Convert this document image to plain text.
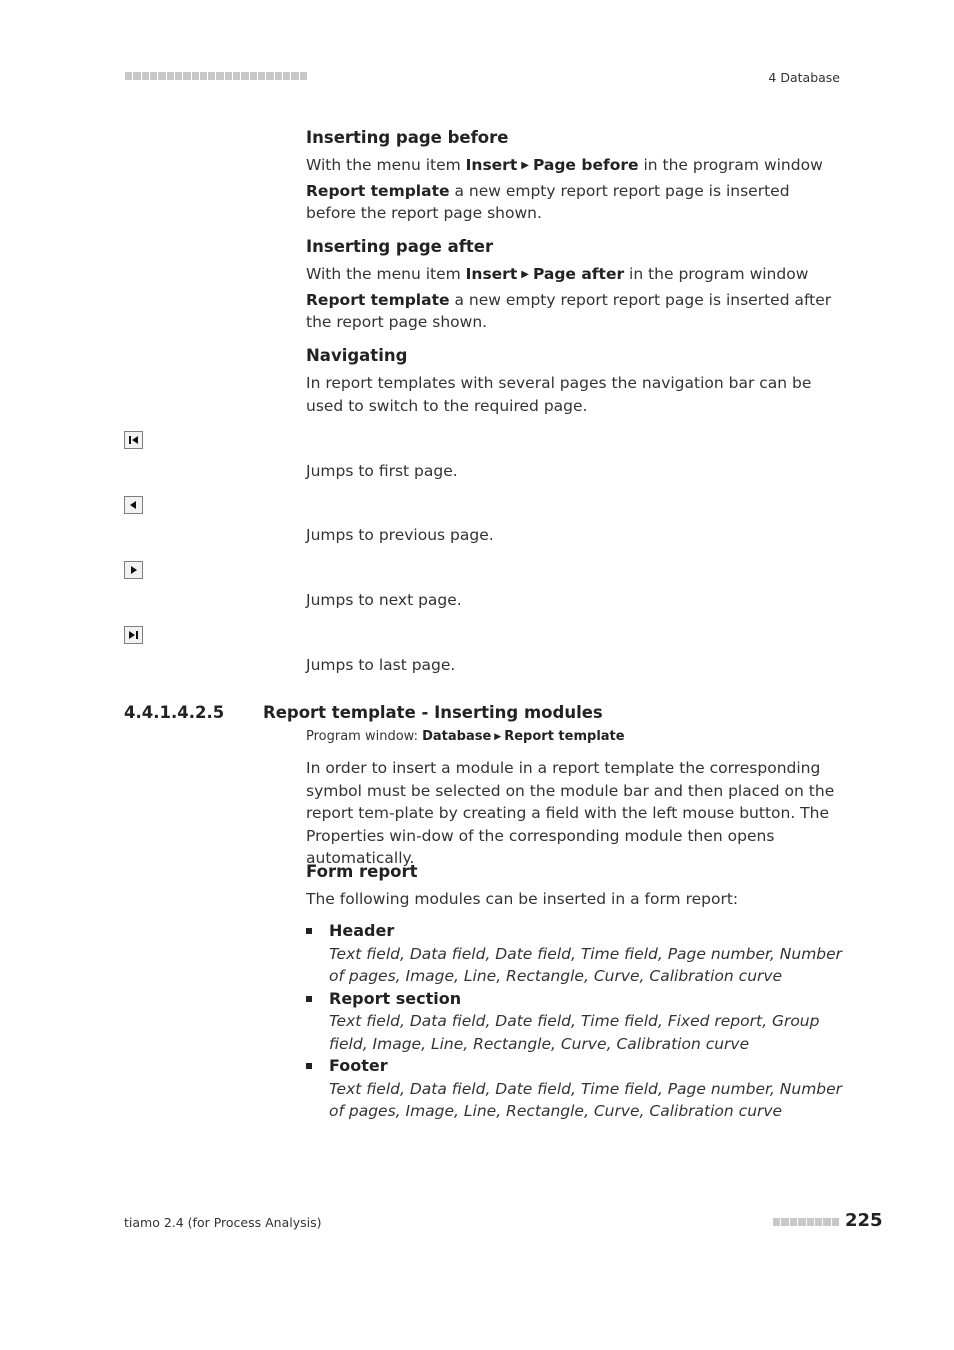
4 Database
Inserting page before
With the menu item Insert ▶ Page before in the program window Report template a new empty report report page is inserted before the report page shown.
Inserting page after
With the menu item Insert ▶ Page after in the program window Report template a new empty report report page is inserted after the report page shown.
Navigating
In report templates with several pages the navigation bar can be used to switch to the required page.
Jumps to first page.
Jumps to previous page.
Jumps to next page.
Jumps to last page.
4.4.1.4.2.5 Report template - Inserting modules
Program window: Database ▶ Report template
In order to insert a module in a report template the corresponding symbol must be selected on the module bar and then placed on the report tem-plate by creating a field with the left mouse button. The Properties win-dow of the corresponding module then opens automatically.
Form report
The following modules can be inserted in a form report:
Header
Text field, Data field, Date field, Time field, Page number, Number of pages, Image, Line, Rectangle, Curve, Calibration curve
Report section
Text field, Data field, Date field, Time field, Fixed report, Group field, Image, Line, Rectangle, Curve, Calibration curve
Footer
Text field, Data field, Date field, Time field, Page number, Number of pages, Image, Line, Rectangle, Curve, Calibration curve
tiamo 2.4 (for Process Analysis)	225
